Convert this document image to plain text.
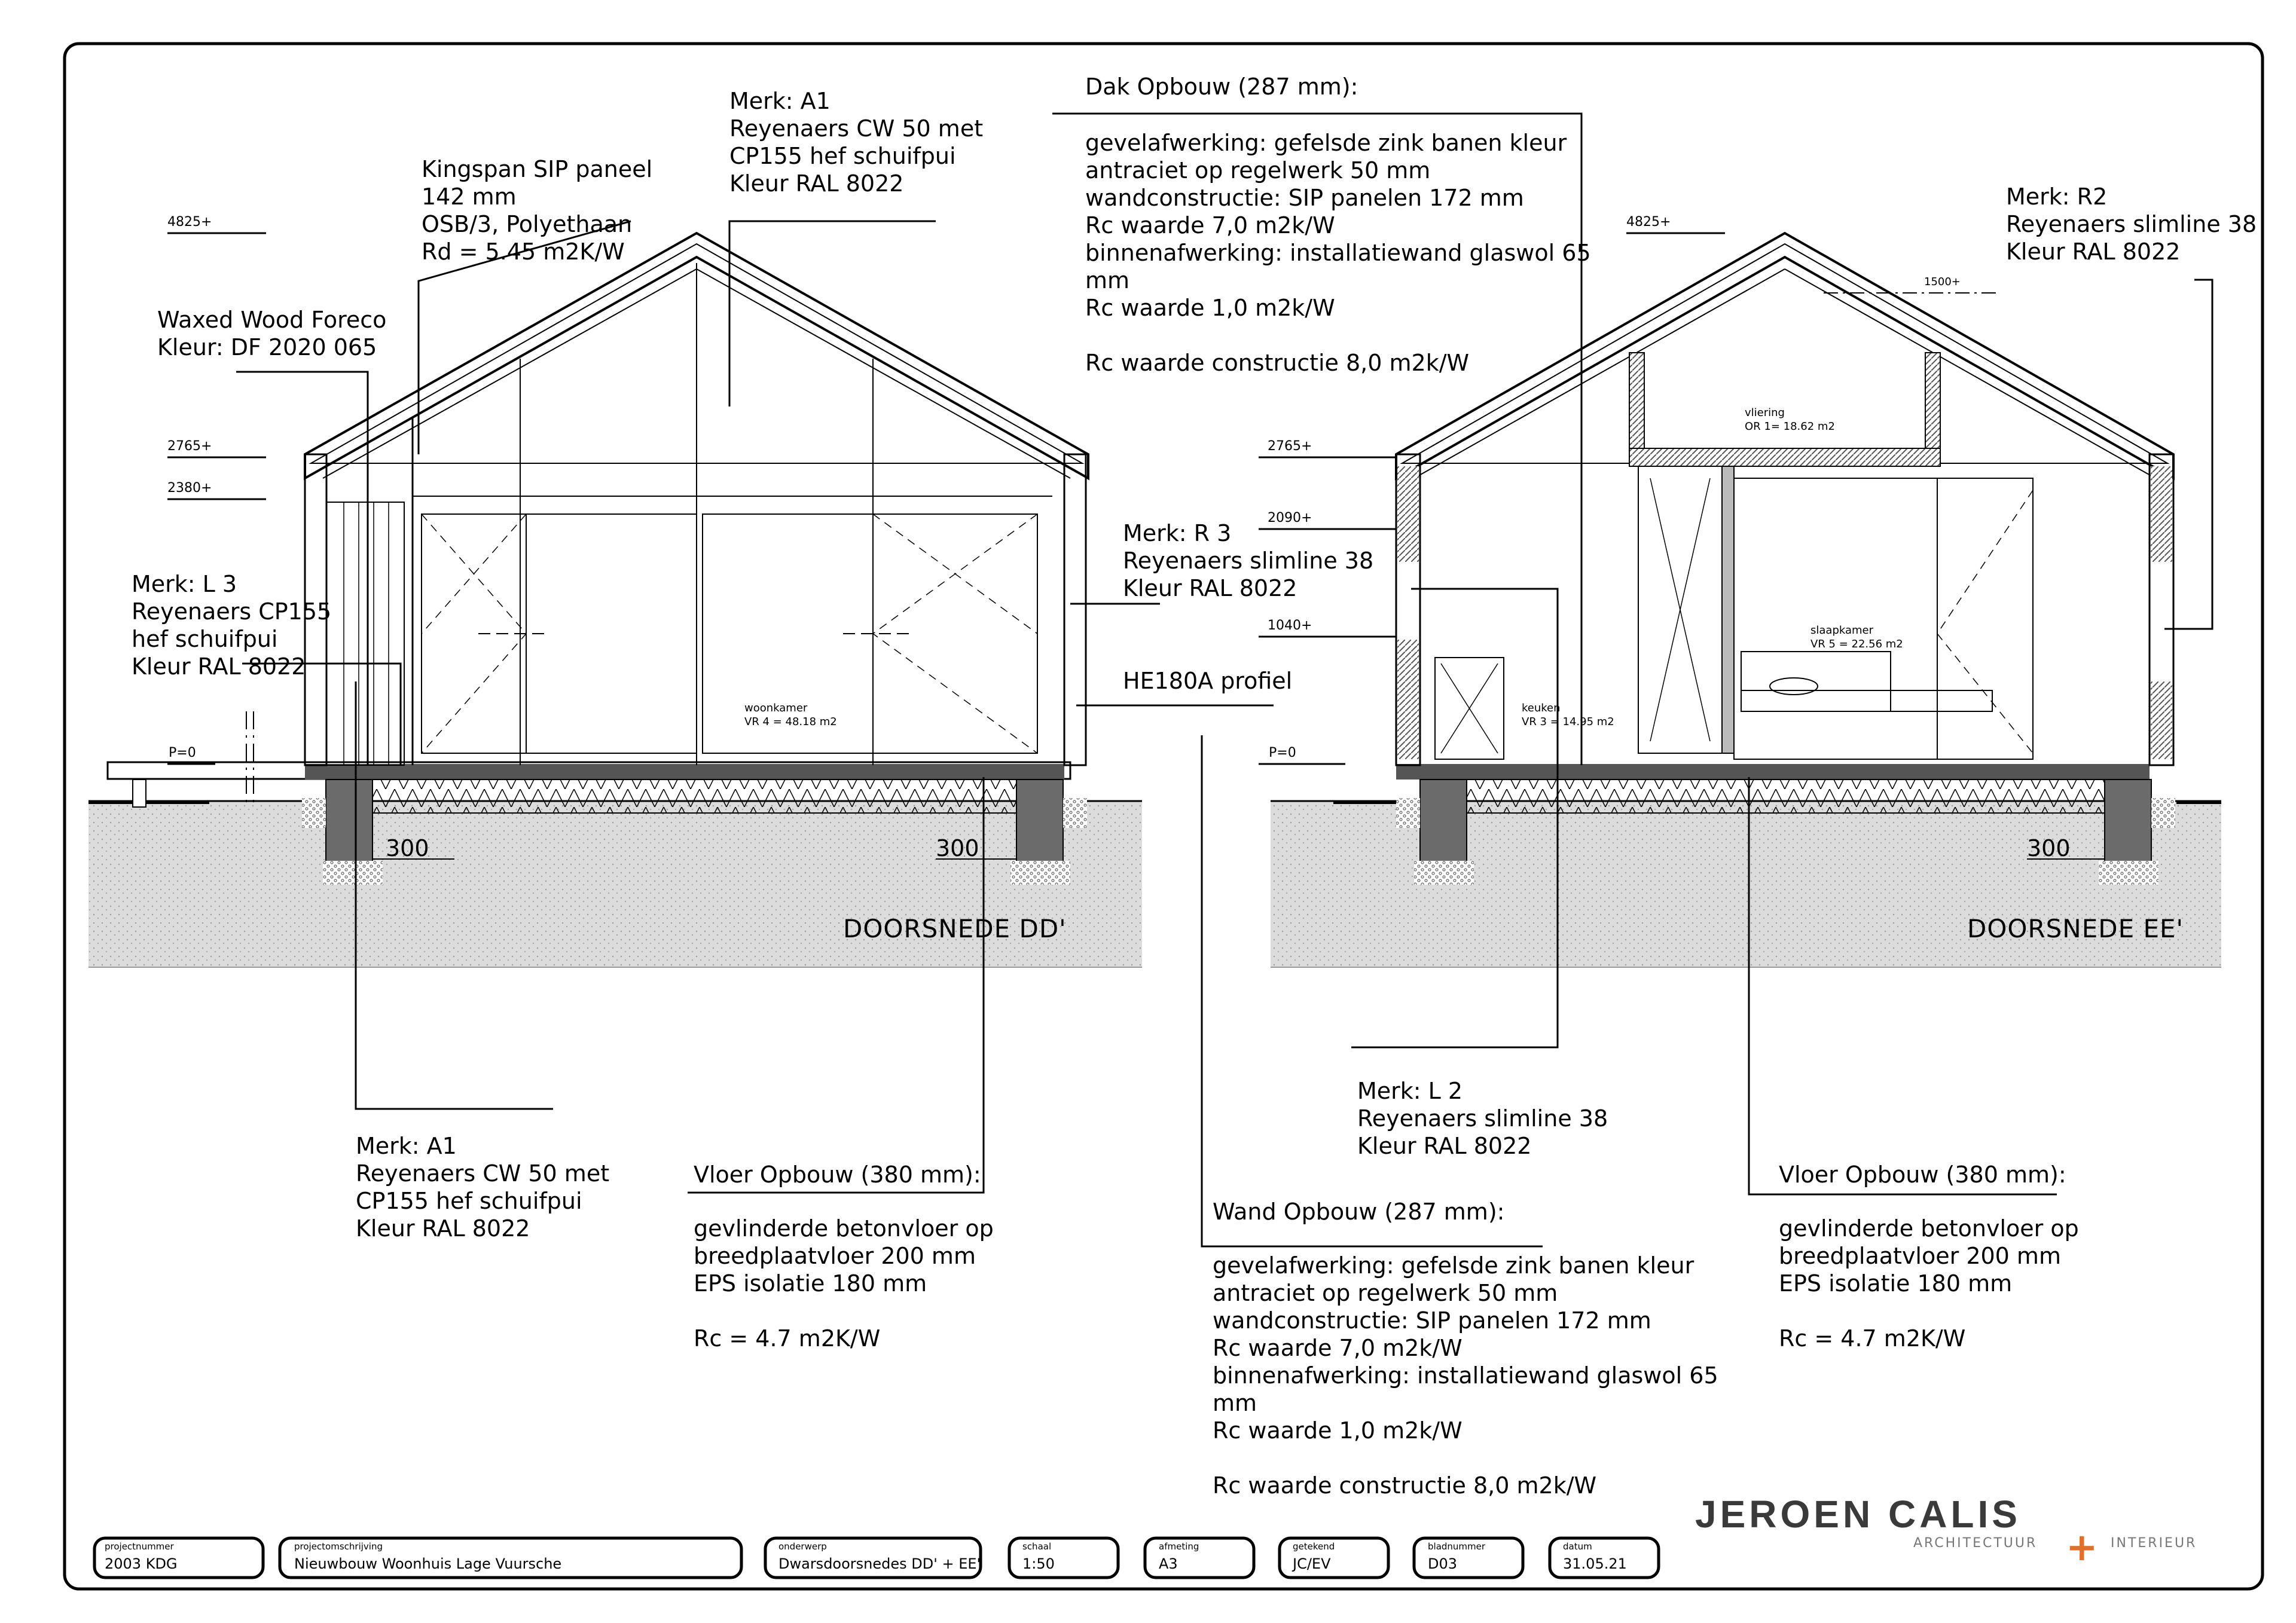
4825+
2765+
2380+
P=0
300	300
woonkamer
VR 4 = 48.18 m2
DOORSNEDE DD'
Kingspan SIP paneel
142 mm
OSB/3, Polyethaan
Rd = 5.45 m2K/W
Waxed Wood Foreco
Kleur: DF 2020 065
Merk: A1
Reyenaers CW 50 met
CP155 hef schuifpui
Kleur RAL 8022
Merk: L 3
Reyenaers CP155
hef schuifpui
Kleur RAL 8022
Merk: R 3
Reyenaers slimline 38
Kleur RAL 8022
HE180A profiel
Merk: A1
Reyenaers CW 50 met
CP155 hef schuifpui
Kleur RAL 8022
Vloer Opbouw (380 mm):
gevlinderde betonvloer op
breedplaatvloer 200 mm
EPS isolatie 180 mm
Rc = 4.7 m2K/W
4825+
1500+
2765+
2090+
1040+
P=0
300
vliering
OR 1= 18.62 m2
keuken
VR 3 = 14.95 m2
slaapkamer
VR 5 = 22.56 m2
DOORSNEDE EE'
Dak Opbouw (287 mm):
gevelafwerking: gefelsde zink banen kleur
antraciet op regelwerk 50 mm
wandconstructie: SIP panelen 172 mm
Rc waarde 7,0 m2k/W
binnenafwerking: installatiewand glaswol 65
mm
Rc waarde 1,0 m2k/W
Rc waarde constructie 8,0 m2k/W
Merk: R2
Reyenaers slimline 38
Kleur RAL 8022
Merk: L 2
Reyenaers slimline 38
Kleur RAL 8022
Wand Opbouw (287 mm):
gevelafwerking: gefelsde zink banen kleur
antraciet op regelwerk 50 mm
wandconstructie: SIP panelen 172 mm
Rc waarde 7,0 m2k/W
binnenafwerking: installatiewand glaswol 65
mm
Rc waarde 1,0 m2k/W
Rc waarde constructie 8,0 m2k/W
Vloer Opbouw (380 mm):
gevlinderde betonvloer op
breedplaatvloer 200 mm
EPS isolatie 180 mm
Rc = 4.7 m2K/W
projectnummer
2003 KDG
projectomschrijving
Nieuwbouw Woonhuis Lage Vuursche
onderwerp
Dwarsdoorsnedes DD' + EE'
schaal
1:50
afmeting
A3
getekend
JC/EV
bladnummer
D03
datum
31.05.21
JEROEN CALIS
ARCHITECTUUR + INTERIEUR
